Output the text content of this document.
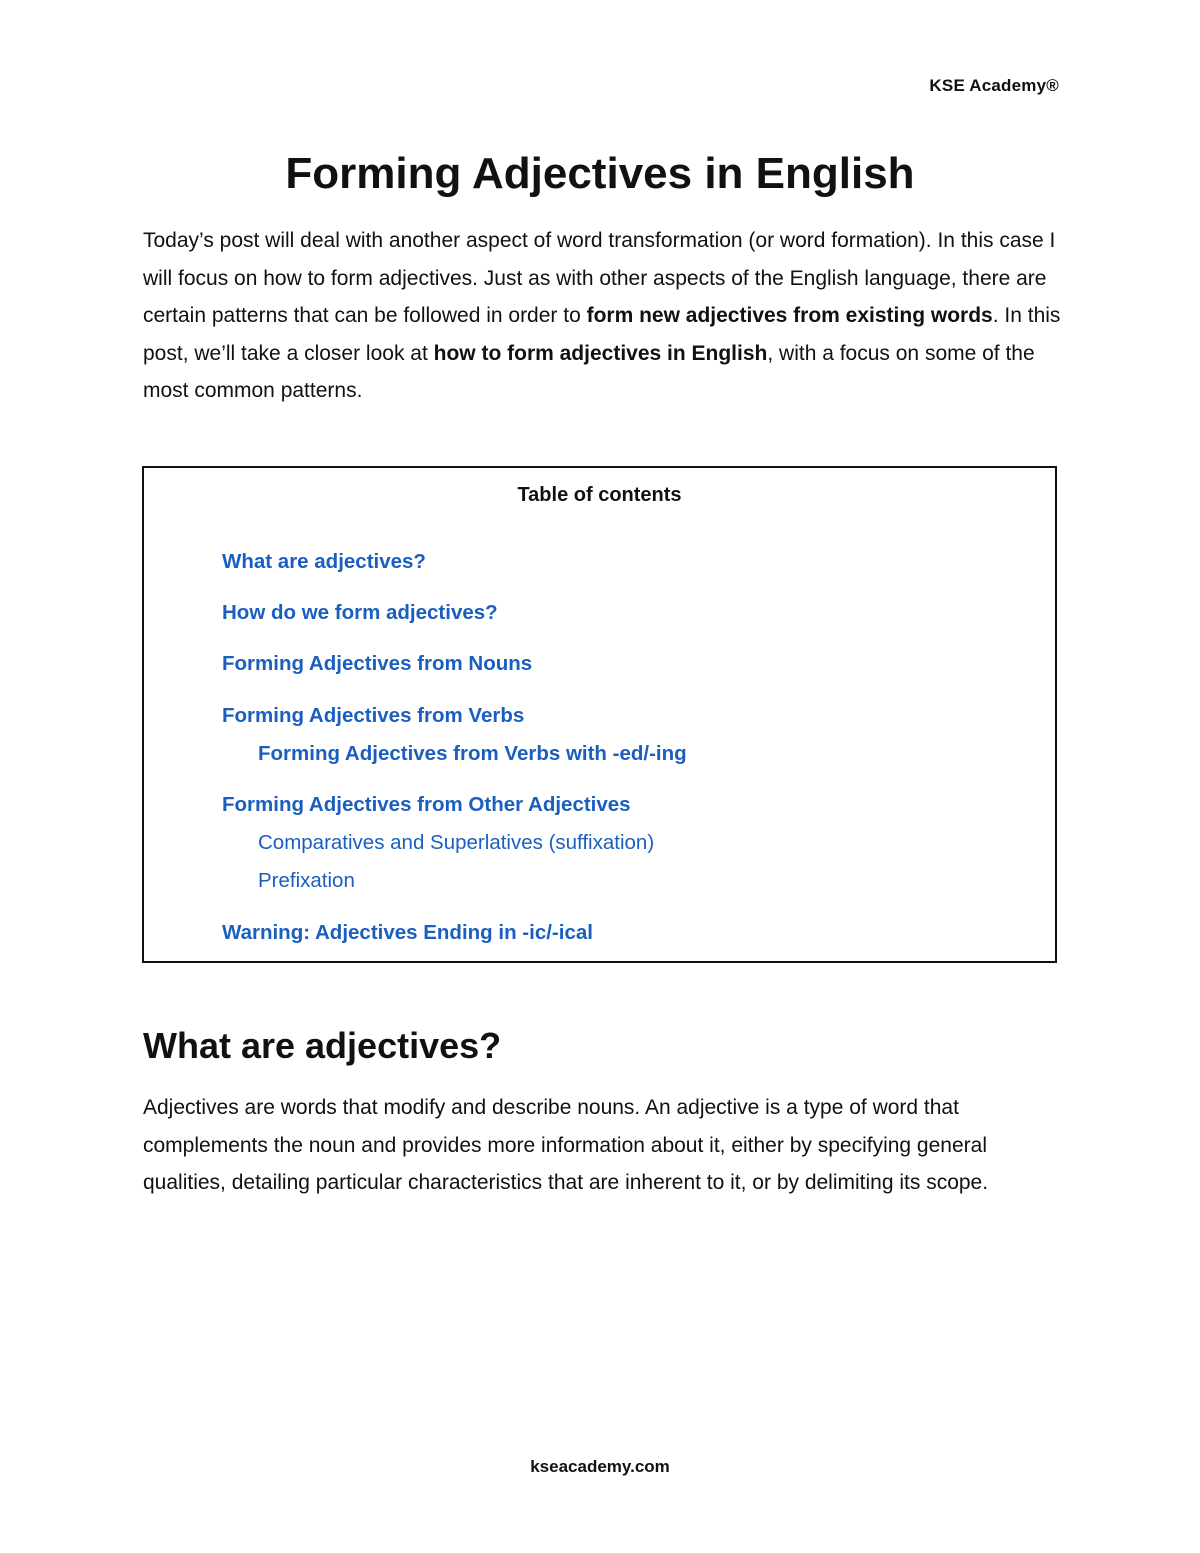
KSE Academy®
Forming Adjectives in English

Today’s post will deal with another aspect of word transformation (or word formation). In this case I will focus on how to form adjectives. Just as with other aspects of the English language, there are certain patterns that can be followed in order to form new adjectives from existing words. In this post, we’ll take a closer look at how to form adjectives in English, with a focus on some of the most common patterns.

Table of contents
What are adjectives?
How do we form adjectives?
Forming Adjectives from Nouns
Forming Adjectives from Verbs
Forming Adjectives from Verbs with -ed/-ing
Forming Adjectives from Other Adjectives
Comparatives and Superlatives (suffixation)
Prefixation
Warning: Adjectives Ending in -ic/-ical
What are adjectives?

Adjectives are words that modify and describe nouns. An adjective is a type of word that complements the noun and provides more information about it, either by specifying general qualities, detailing particular characteristics that are inherent to it, or by delimiting its scope.

kseacademy.com
